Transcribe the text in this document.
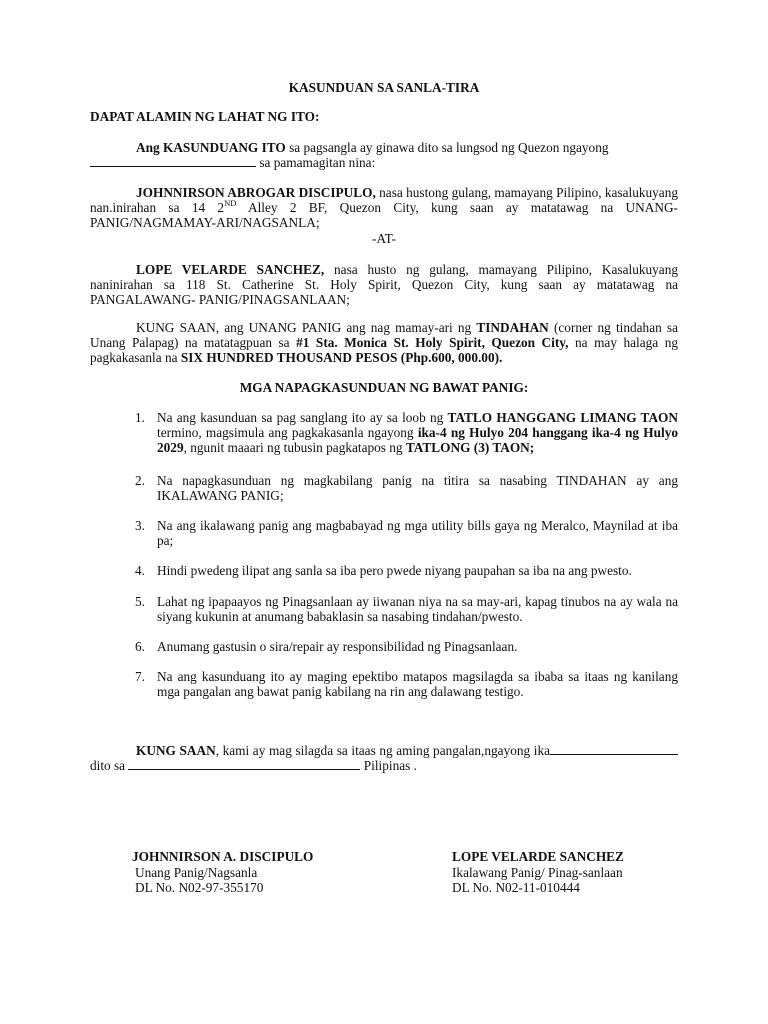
KASUNDUAN SA SANLA-TIRA
DAPAT ALAMIN NG LAHAT NG ITO:
Ang KASUNDUANG ITO sa pagsangla ay ginawa dito sa lungsod ng Quezon ngayong
sa pamamagitan nina:
JOHNNIRSON ABROGAR DISCIPULO, nasa hustong gulang, mamayang Pilipino, kasalukuyang nan.inirahan sa 14 2ND Alley 2 BF, Quezon City, kung saan ay matatawag na UNANG- PANIG/NAGMAMAY-ARI/NAGSANLA;
-AT-
LOPE VELARDE SANCHEZ, nasa husto ng gulang, mamayang Pilipino, Kasalukuyang naninirahan sa 118 St. Catherine St. Holy Spirit, Quezon City, kung saan ay matatawag na PANGALAWANG- PANIG/PINAGSANLAAN;
KUNG SAAN, ang UNANG PANIG ang nag mamay-ari ng TINDAHAN (corner ng tindahan sa Unang Palapag) na matatagpuan sa #1 Sta. Monica St. Holy Spirit, Quezon City, na may halaga ng pagkakasanla na SIX HUNDRED THOUSAND PESOS (Php.600, 000.00).
MGA NAPAGKASUNDUAN NG BAWAT PANIG:
1. Na ang kasunduan sa pag sanglang ito ay sa loob ng TATLO HANGGANG LIMANG TAON termino, magsimula ang pagkakasanla ngayong ika-4 ng Hulyo 204 hanggang ika-4 ng Hulyo 2029, ngunit maaari ng tubusin pagkatapos ng TATLONG (3) TAON;
2. Na napagkasunduan ng magkabilang panig na titira sa nasabing TINDAHAN ay ang IKALAWANG PANIG;
3. Na ang ikalawang panig ang magbabayad ng mga utility bills gaya ng Meralco, Maynilad at iba pa;
4. Hindi pwedeng ilipat ang sanla sa iba pero pwede niyang paupahan sa iba na ang pwesto.
5. Lahat ng ipapaayos ng Pinagsanlaan ay iiwanan niya na sa may-ari, kapag tinubos na ay wala na siyang kukunin at anumang babaklasin sa nasabing tindahan/pwesto.
6. Anumang gastusin o sira/repair ay responsibilidad ng Pinagsanlaan.
7. Na ang kasunduang ito ay maging epektibo matapos magsilagda sa ibaba sa itaas ng kanilang mga pangalan ang bawat panig kabilang na rin ang dalawang testigo.
KUNG SAAN, kami ay mag silagda sa itaas ng aming pangalan,ngayong ika dito sa	Pilipinas .
JOHNNIRSON A. DISCIPULO
Unang Panig/Nagsanla
DL No. N02-97-355170
LOPE VELARDE SANCHEZ
Ikalawang Panig/ Pinag-sanlaan
DL No. N02-11-010444
